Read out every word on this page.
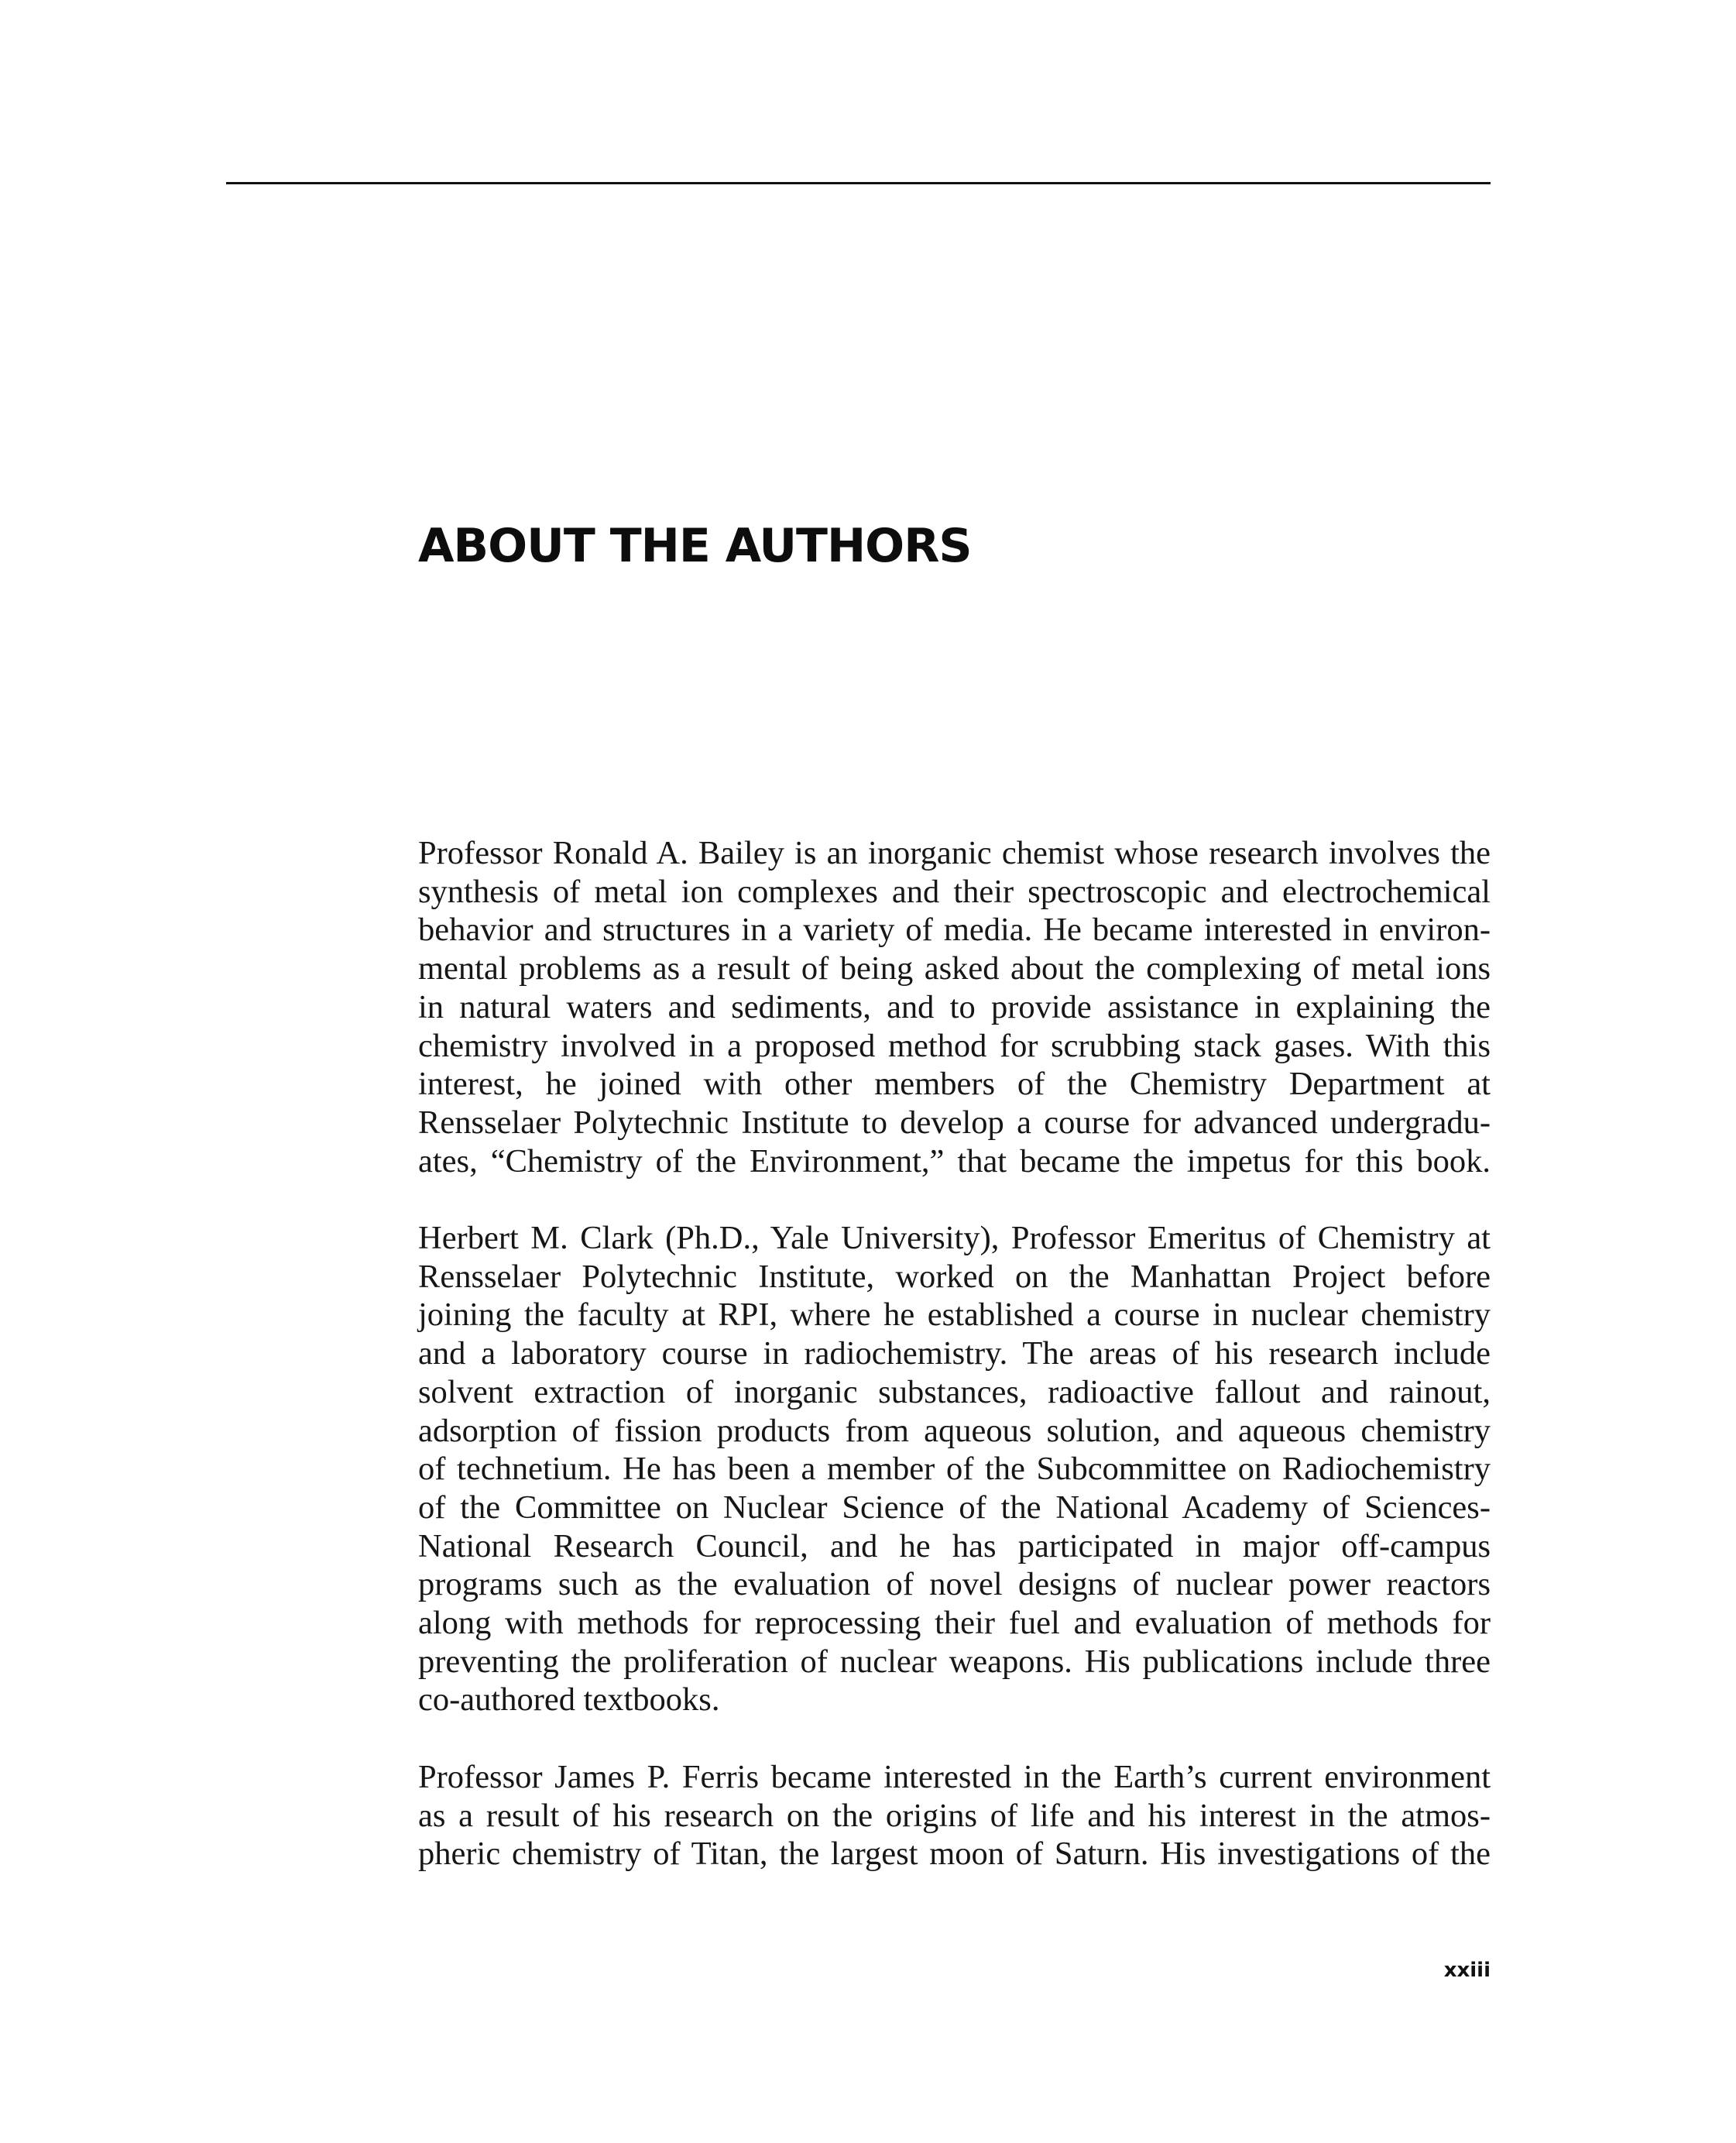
ABOUT THE AUTHORS

Professor Ronald A. Bailey is an inorganic chemist whose research involves the
synthesis of metal ion complexes and their spectroscopic and electrochemical
behavior and structures in a variety of media. He became interested in environ-
mental problems as a result of being asked about the complexing of metal ions
in natural waters and sediments, and to provide assistance in explaining the
chemistry involved in a proposed method for scrubbing stack gases. With this
interest, he joined with other members of the Chemistry Department at
Rensselaer Polytechnic Institute to develop a course for advanced undergradu-
ates, “Chemistry of the Environment,” that became the impetus for this book.

Herbert M. Clark (Ph.D., Yale University), Professor Emeritus of Chemistry at
Rensselaer Polytechnic Institute, worked on the Manhattan Project before
joining the faculty at RPI, where he established a course in nuclear chemistry
and a laboratory course in radiochemistry. The areas of his research include
solvent extraction of inorganic substances, radioactive fallout and rainout,
adsorption of fission products from aqueous solution, and aqueous chemistry
of technetium. He has been a member of the Subcommittee on Radiochemistry
of the Committee on Nuclear Science of the National Academy of Sciences-
National Research Council, and he has participated in major off-campus
programs such as the evaluation of novel designs of nuclear power reactors
along with methods for reprocessing their fuel and evaluation of methods for
preventing the proliferation of nuclear weapons. His publications include three
co-authored textbooks.

Professor James P. Ferris became interested in the Earth’s current environment
as a result of his research on the origins of life and his interest in the atmos-
pheric chemistry of Titan, the largest moon of Saturn. His investigations of the

xxiii
